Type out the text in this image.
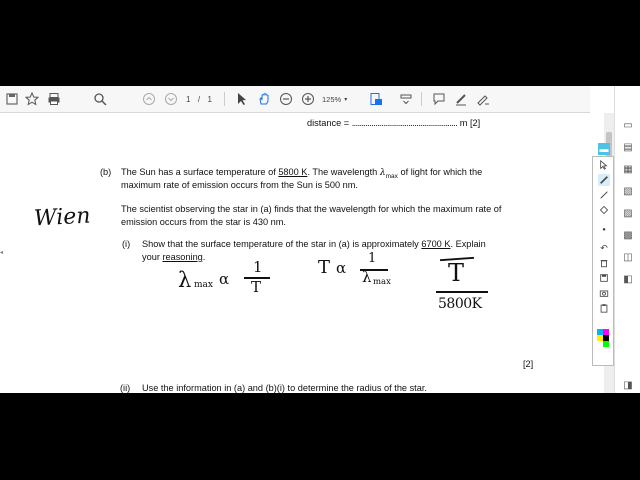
1 / 1	125% ▾
distance = ...................................................... m [2]
(b) The Sun has a surface temperature of 5800 K. The wavelength $\lambda_{max}$ of light for which the
maximum rate of emission occurs from the Sun is 500 nm.
The scientist observing the star in (a) finds that the wavelength for which the maximum rate of
emission occurs from the star is 430 nm.
(i) Show that the surface temperature of the star in (a) is approximately 6700 K. Explain
your reasoning.
[2]
(ii) Use the information in (a) and (b)(i) to determine the radius of the star.
Wien
λ max α
1
T
T α
1
λ max T
5800K
▭
▤
▦
▧
▨
▩
◫
◧
◨
▬
●
↶
◂
